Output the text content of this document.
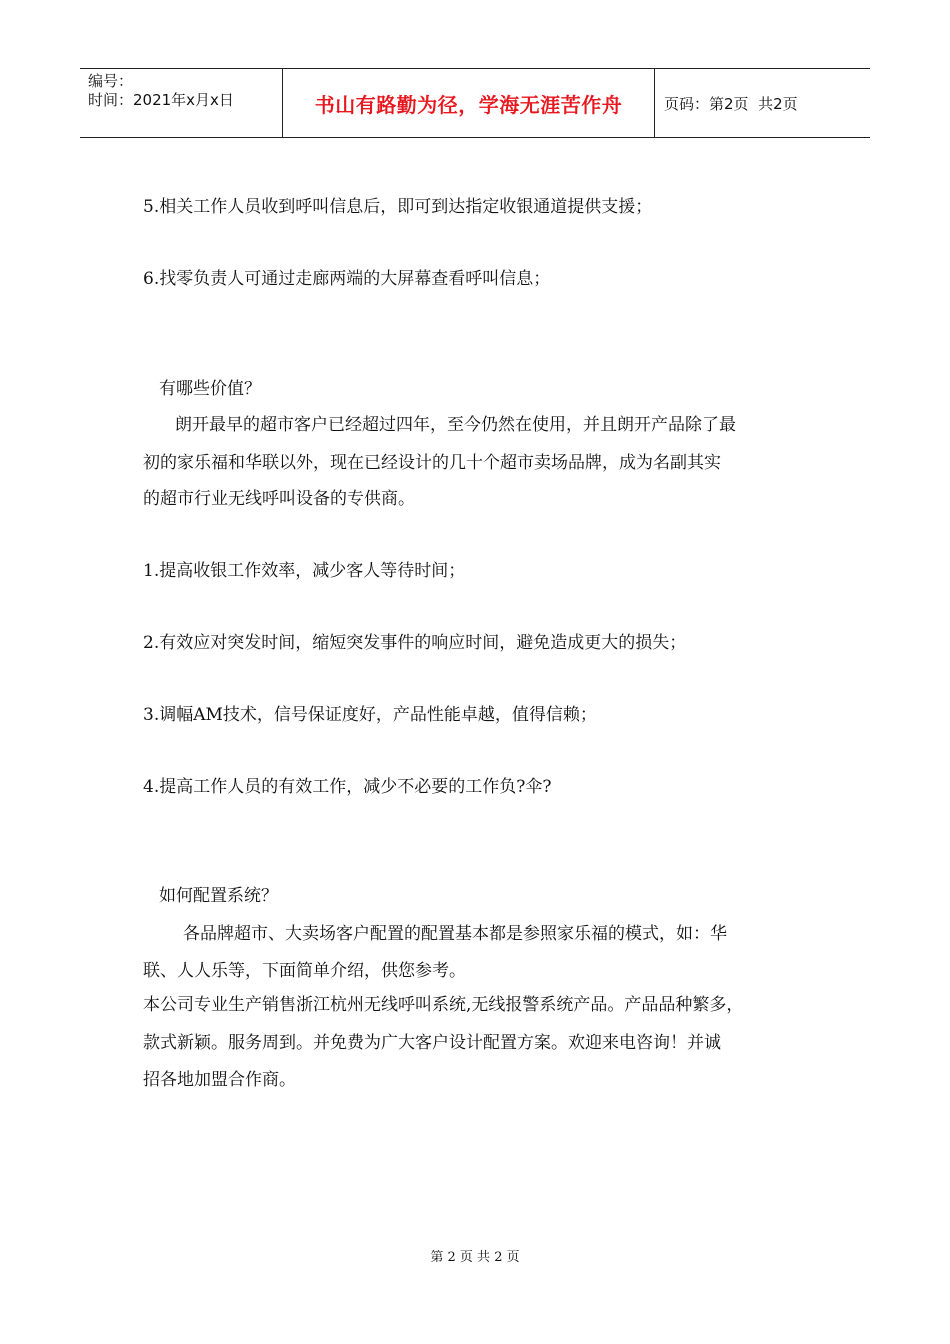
编号：
时间：2021年x月x日	书山有路勤为径，学海无涯苦作舟	页码：第2页  共2页

5.相关工作人员收到呼叫信息后，即可到达指定收银通道提供支援；

6.找零负责人可通过走廊两端的大屏幕查看呼叫信息；

有哪些价值？

朗开最早的超市客户已经超过四年，至今仍然在使用，并且朗开产品除了最

初的家乐福和华联以外，现在已经设计的几十个超市卖场品牌，成为名副其实

的超市行业无线呼叫设备的专供商。

1.提高收银工作效率，减少客人等待时间；

2.有效应对突发时间，缩短突发事件的响应时间，避免造成更大的损失；

3.调幅AM技术，信号保证度好，产品性能卓越，值得信赖；

4.提高工作人员的有效工作，减少不必要的工作负?伞?

如何配置系统？

各品牌超市、大卖场客户配置的配置基本都是参照家乐福的模式，如：华

联、人人乐等，下面简单介绍，供您参考。

本公司专业生产销售浙江杭州无线呼叫系统,无线报警系统产品。产品品种繁多，

款式新颖。服务周到。并免费为广大客户设计配置方案。欢迎来电咨询！并诚

招各地加盟合作商。

第 2 页 共 2 页
